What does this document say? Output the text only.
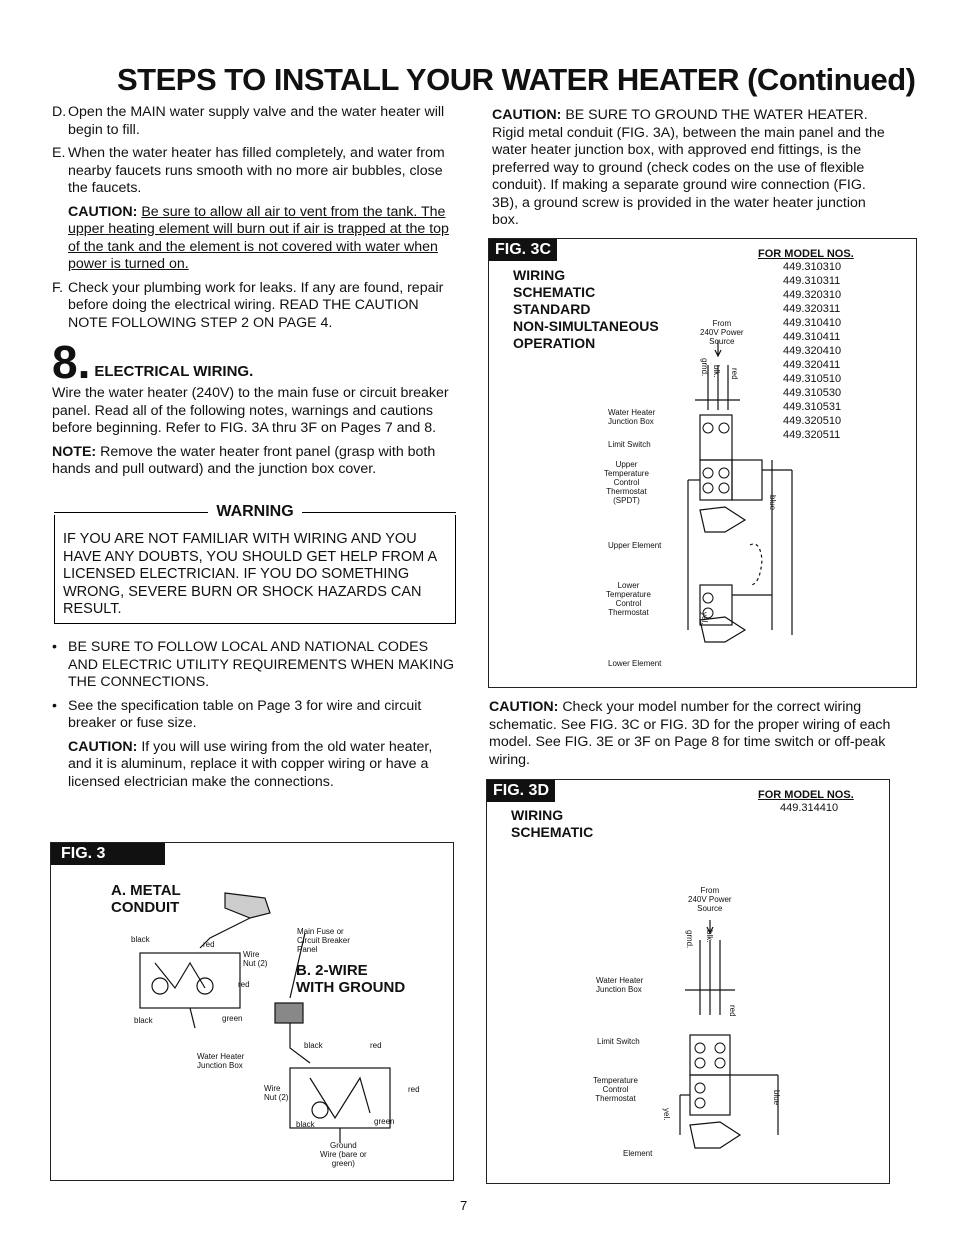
STEPS TO INSTALL YOUR WATER HEATER (Continued)
D. Open the MAIN water supply valve and the water heater will begin to fill.
E. When the water heater has filled completely, and water from nearby faucets runs smooth with no more air bubbles, close the faucets.

CAUTION: Be sure to allow all air to vent from the tank. The upper heating element will burn out if air is trapped at the top of the tank and the element is not covered with water when power is turned on.

F. Check your plumbing work for leaks. If any are found, repair before doing the electrical wiring. READ THE CAUTION NOTE FOLLOWING STEP 2 ON PAGE 4.
8. ELECTRICAL WIRING.

Wire the water heater (240V) to the main fuse or circuit breaker panel. Read all of the following notes, warnings and cautions before beginning. Refer to FIG. 3A thru 3F on Pages 7 and 8.

NOTE: Remove the water heater front panel (grasp with both hands and pull outward) and the junction box cover.

WARNING
IF YOU ARE NOT FAMILIAR WITH WIRING AND YOU HAVE ANY DOUBTS, YOU SHOULD GET HELP FROM A LICENSED ELECTRICIAN. IF YOU DO SOMETHING WRONG, SEVERE BURN OR SHOCK HAZARDS CAN RESULT.
• BE SURE TO FOLLOW LOCAL AND NATIONAL CODES AND ELECTRIC UTILITY REQUIREMENTS WHEN MAKING THE CONNECTIONS.
• See the specification table on Page 3 for wire and circuit breaker or fuse size.

CAUTION: If you will use wiring from the old water heater, and it is aluminum, replace it with copper wiring or have a licensed electrician make the connections.

CAUTION: BE SURE TO GROUND THE WATER HEATER. Rigid metal conduit (FIG. 3A), between the main panel and the water heater junction box, with approved end fittings, is the preferred way to ground (check codes on the use of flexible conduit). If making a separate ground wire connection (FIG. 3B), a ground screw is provided in the water heater junction box.

FIG. 3C
WIRING
SCHEMATIC
STANDARD
NON-SIMULTANEOUS
OPERATION
FOR MODEL NOS.
449.310310
449.310311
449.320310
449.320311
449.310410
449.310411
449.320410
449.320411
449.310510
449.310530
449.310531
449.320510
449.320511
From
240V Power
Source
Water Heater
Junction Box
Limit Switch
Upper
Temperature
Control
Thermostat
(SPDT)
Upper Element
Lower
Temperature
Control
Thermostat
Lower Element
grnd. blk. red
yel.
blue

CAUTION: Check your model number for the correct wiring schematic. See FIG. 3C or FIG. 3D for the proper wiring of each model. See FIG. 3E or 3F on Page 8 for time switch or off-peak wiring.

FIG. 3D
WIRING
SCHEMATIC
FOR MODEL NOS.
449.314410
From
240V Power
Source
Water Heater
Junction Box
Limit Switch
Temperature
Control
Thermostat
Element
grnd. blk.
red
yel.
blue
FIG. 3
A. METAL
CONDUIT
B. 2-WIRE
WITH GROUND
Main Fuse or
Circuit Breaker
Panel
black
red
Wire
Nut (2)
red
black	green
Water Heater
Junction Box
black	red
Wire
Nut (2)
red
black	green
Ground
Wire (bare or
green)
7
